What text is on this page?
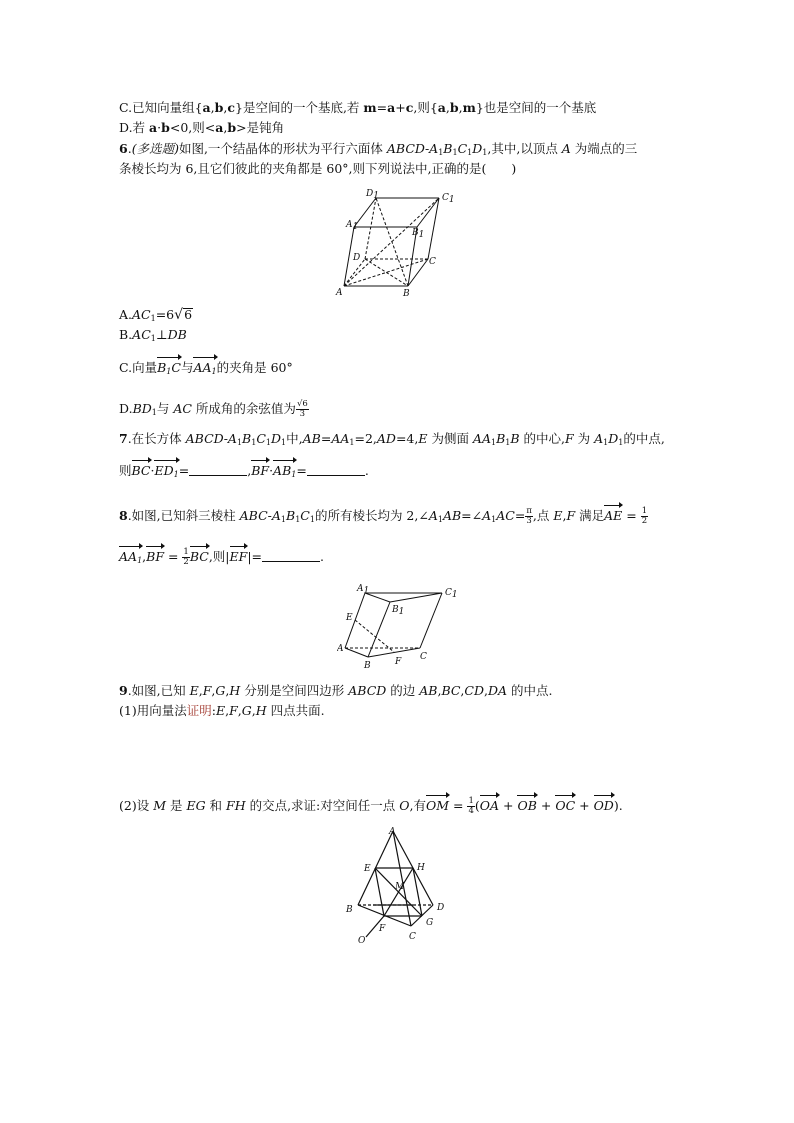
C.已知向量组{a,b,c}是空间的一个基底,若 m=a+c,则{a,b,m}也是空间的一个基底
D.若 a·b<0,则<a,b>是钝角
6.(多选题)如图,一个结晶体的形状为平行六面体 ABCD-$A_1B_1C_1D_1$,其中,以顶点 A 为端点的三
条棱长均为 6,且它们彼此的夹角都是 60°,则下列说法中,正确的是(　　)
D1	C1
A1
B1
D	C
A	B
$A.AC_1=6√6$
$B.AC_1\perp DB$
C.向量$B_1C$与$AA_1$的夹角是 60°
$D.BD_1$与 AC 所成角的余弦值为 $\frac{√6}{3}$
7.在长方体 ABCD-$A_1B_1C_1D_1$中$,AB=AA_1=2,AD=4,E$ 为侧面 $AA_1B_1B$ 的中心,F 为 $A_1D_1$的中点,
则$BC\cdot ED_1=$	$,BF\cdot AB_1=$	.
8.如图,已知斜三棱柱 ABC-$A_1B_1C_1$的所有棱长均为 $2,\angle A_1AB=\angle A_1AC= \frac{\pi}{3}$ ,点 E,F 满足AE = $\frac{1}{2}$
$AA_1,BF = \frac{1}{2}$ BC,则|EF|=	.
A1	C1
B1
E
A
B	F C
9.如图,已知 E,F,G,H 分别是空间四边形 ABCD 的边 AB,BC,CD,DA 的中点.
(1)用向量法证明:E,F,G,H 四点共面.
(2)设 M 是 EG 和 FH 的交点,求证:对空间任一点 O,有OM = $\frac{1}{4} (OA$ + OB + OC + OD).
A
E	H
M
B	D
O
F
G
C
